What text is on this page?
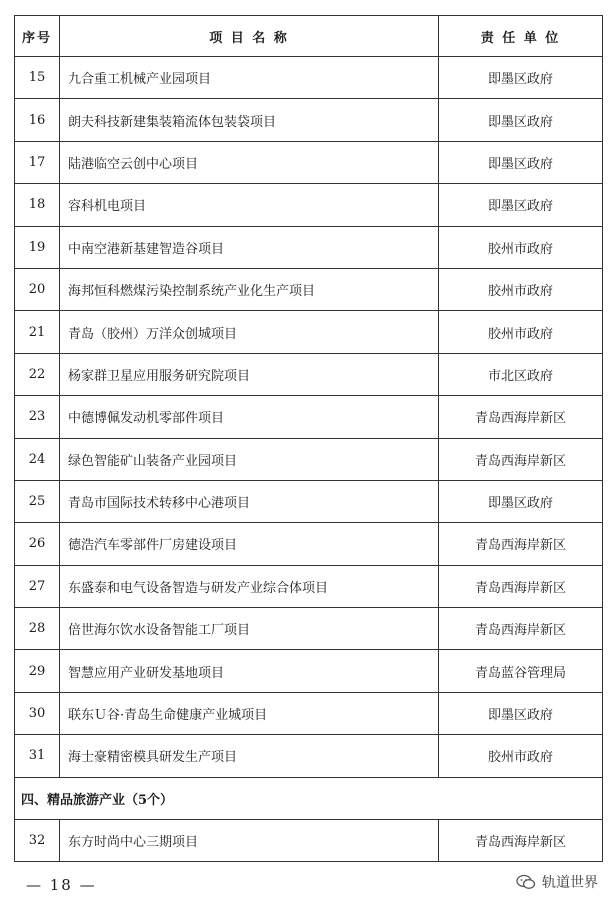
序号	项 目 名 称	责 任 单 位
15	九合重工机械产业园项目	即墨区政府
16	朗夫科技新建集装箱流体包装袋项目	即墨区政府
17	陆港临空云创中心项目	即墨区政府
18	容科机电项目	即墨区政府
19	中南空港新基建智造谷项目	胶州市政府
20	海邦恒科燃煤污染控制系统产业化生产项目	胶州市政府
21	青岛（胶州）万洋众创城项目	胶州市政府
22	杨家群卫星应用服务研究院项目	市北区政府
23	中德博佩发动机零部件项目	青岛西海岸新区
24	绿色智能矿山装备产业园项目	青岛西海岸新区
25	青岛市国际技术转移中心港项目	即墨区政府
26	德浩汽车零部件厂房建设项目	青岛西海岸新区
27	东盛泰和电气设备智造与研发产业综合体项目	青岛西海岸新区
28	倍世海尔饮水设备智能工厂项目	青岛西海岸新区
29	智慧应用产业研发基地项目	青岛蓝谷管理局
30	联东Ｕ谷·青岛生命健康产业城项目	即墨区政府
31	海士豪精密模具研发生产项目	胶州市政府
四、精品旅游产业（5个）		
32	东方时尚中心三期项目	青岛西海岸新区
— 18 —	轨道世界
